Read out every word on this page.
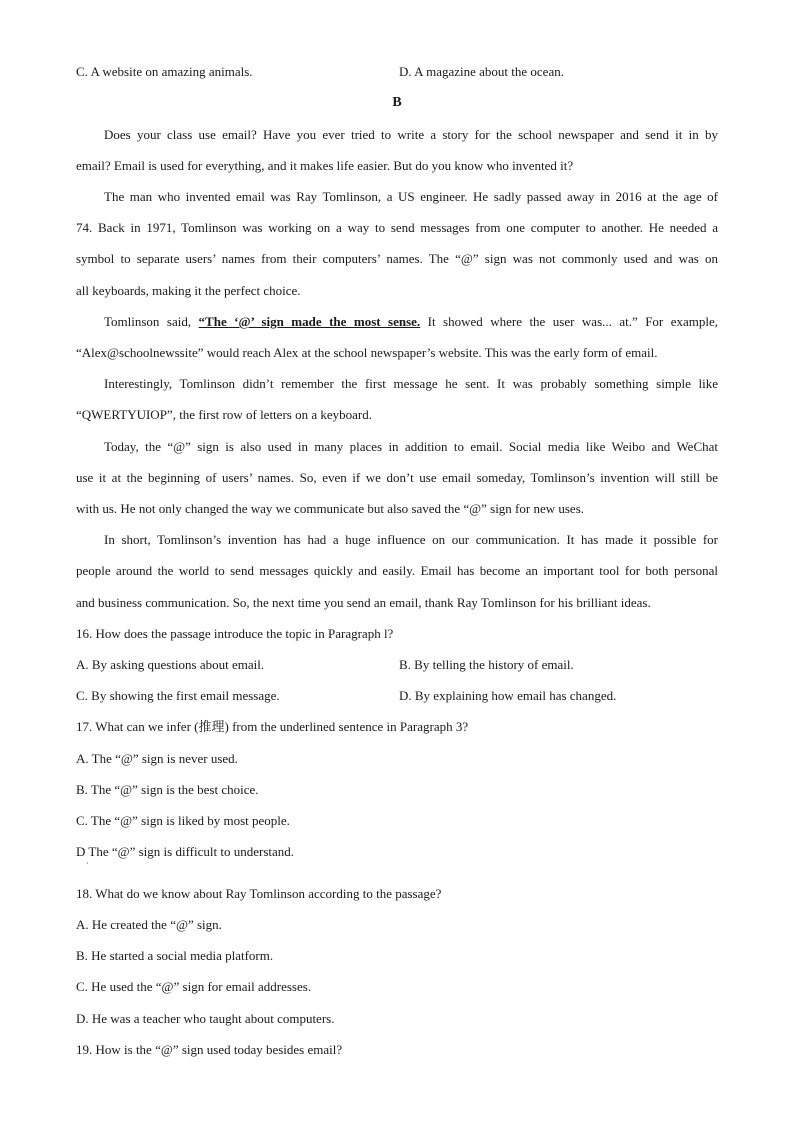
C. A website on amazing animals.	D. A magazine about the ocean.
B
Does your class use email? Have you ever tried to write a story for the school newspaper and send it in by
email? Email is used for everything, and it makes life easier. But do you know who invented it?
The man who invented email was Ray Tomlinson, a US engineer. He sadly passed away in 2016 at the age of
74. Back in 1971, Tomlinson was working on a way to send messages from one computer to another. He needed a
symbol to separate users’ names from their computers’ names. The “@” sign was not commonly used and was on
all keyboards, making it the perfect choice.
Tomlinson said, “The ‘@’ sign made the most sense. It showed where the user was... at.” For example,
“Alex@schoolnewssite” would reach Alex at the school newspaper’s website. This was the early form of email.
Interestingly, Tomlinson didn’t remember the first message he sent. It was probably something simple like
“QWERTYUIOP”, the first row of letters on a keyboard.
Today, the “@” sign is also used in many places in addition to email. Social media like Weibo and WeChat
use it at the beginning of users’ names. So, even if we don’t use email someday, Tomlinson’s invention will still be
with us. He not only changed the way we communicate but also saved the “@” sign for new uses.
In short, Tomlinson’s invention has had a huge influence on our communication. It has made it possible for
people around the world to send messages quickly and easily. Email has become an important tool for both personal
and business communication. So, the next time you send an email, thank Ray Tomlinson for his brilliant ideas.
16. How does the passage introduce the topic in Paragraph l?
A. By asking questions about email.	B. By telling the history of email.
C. By showing the first email message.	D. By explaining how email has changed.
17. What can we infer (推理) from the underlined sentence in Paragraph 3?
A. The “@” sign is never used.
B. The “@” sign is the best choice.
C. The “@” sign is liked by most people.
D The “@” sign is difficult to understand.
·
18. What do we know about Ray Tomlinson according to the passage?
A. He created the “@” sign.
B. He started a social media platform.
C. He used the “@” sign for email addresses.
D. He was a teacher who taught about computers.
19. How is the “@” sign used today besides email?
